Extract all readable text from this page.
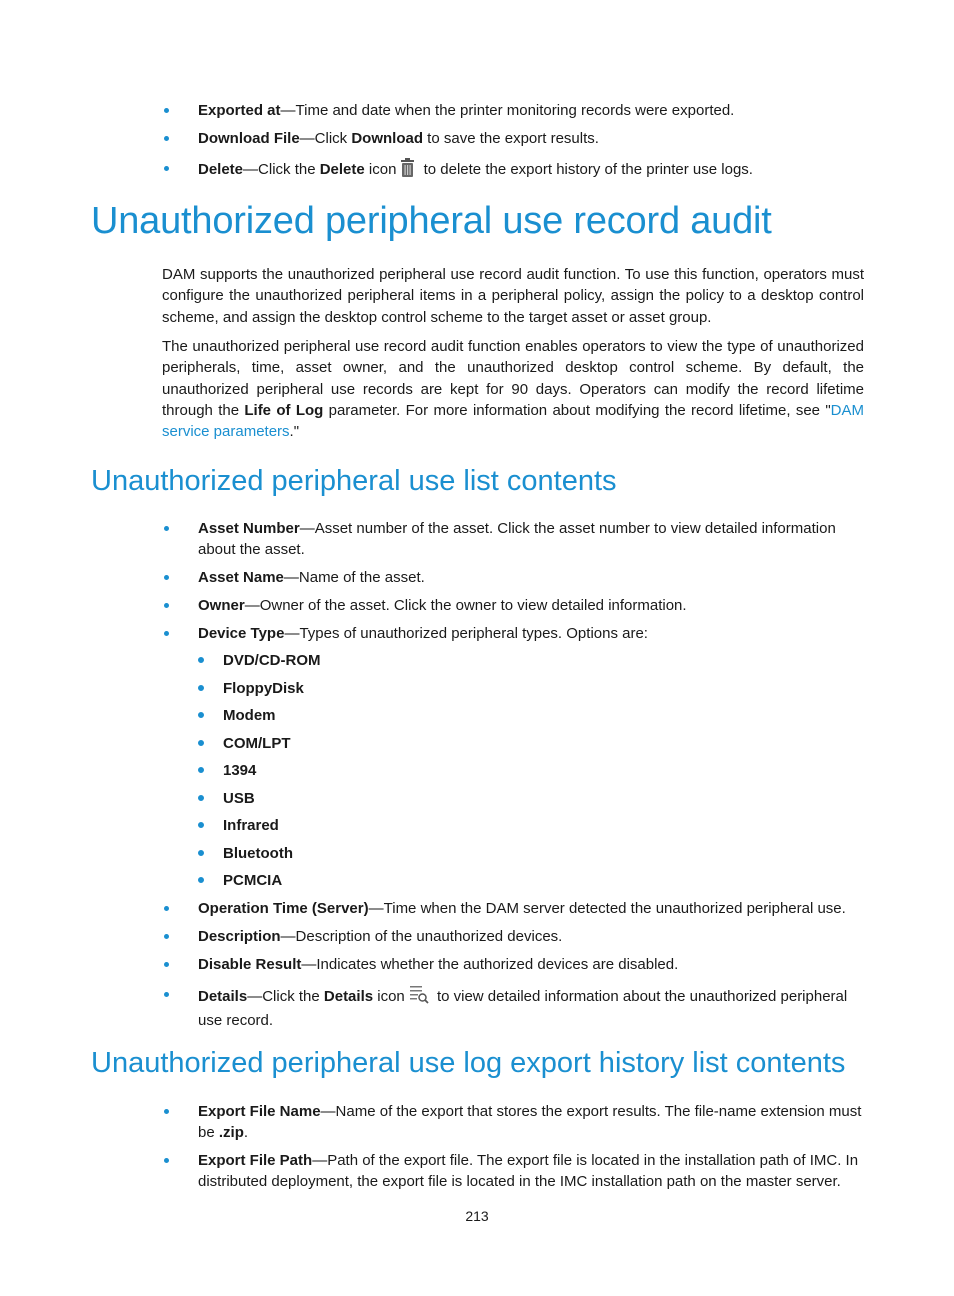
Exported at—Time and date when the printer monitoring records were exported.
Download File—Click Download to save the export results.
Delete—Click the Delete icon to delete the export history of the printer use logs.
Unauthorized peripheral use record audit

DAM supports the unauthorized peripheral use record audit function. To use this function, operators must configure the unauthorized peripheral items in a peripheral policy, assign the policy to a desktop control scheme, and assign the desktop control scheme to the target asset or asset group.

The unauthorized peripheral use record audit function enables operators to view the type of unauthorized peripherals, time, asset owner, and the unauthorized desktop control scheme. By default, the unauthorized peripheral use records are kept for 90 days. Operators can modify the record lifetime through the Life of Log parameter. For more information about modifying the record lifetime, see "DAM service parameters."

Unauthorized peripheral use list contents
Asset Number—Asset number of the asset. Click the asset number to view detailed information about the asset.
Asset Name—Name of the asset.
Owner—Owner of the asset. Click the owner to view detailed information.
Device Type—Types of unauthorized peripheral types. Options are:
DVD/CD-ROM
FloppyDisk
Modem
COM/LPT
1394
USB
Infrared
Bluetooth
PCMCIA
Operation Time (Server)—Time when the DAM server detected the unauthorized peripheral use.
Description—Description of the unauthorized devices.
Disable Result—Indicates whether the authorized devices are disabled.
Details—Click the Details icon to view detailed information about the unauthorized peripheral use record.
Unauthorized peripheral use log export history list contents
Export File Name—Name of the export that stores the export results. The file-name extension must be .zip.
Export File Path—Path of the export file. The export file is located in the installation path of IMC. In distributed deployment, the export file is located in the IMC installation path on the master server.
213
